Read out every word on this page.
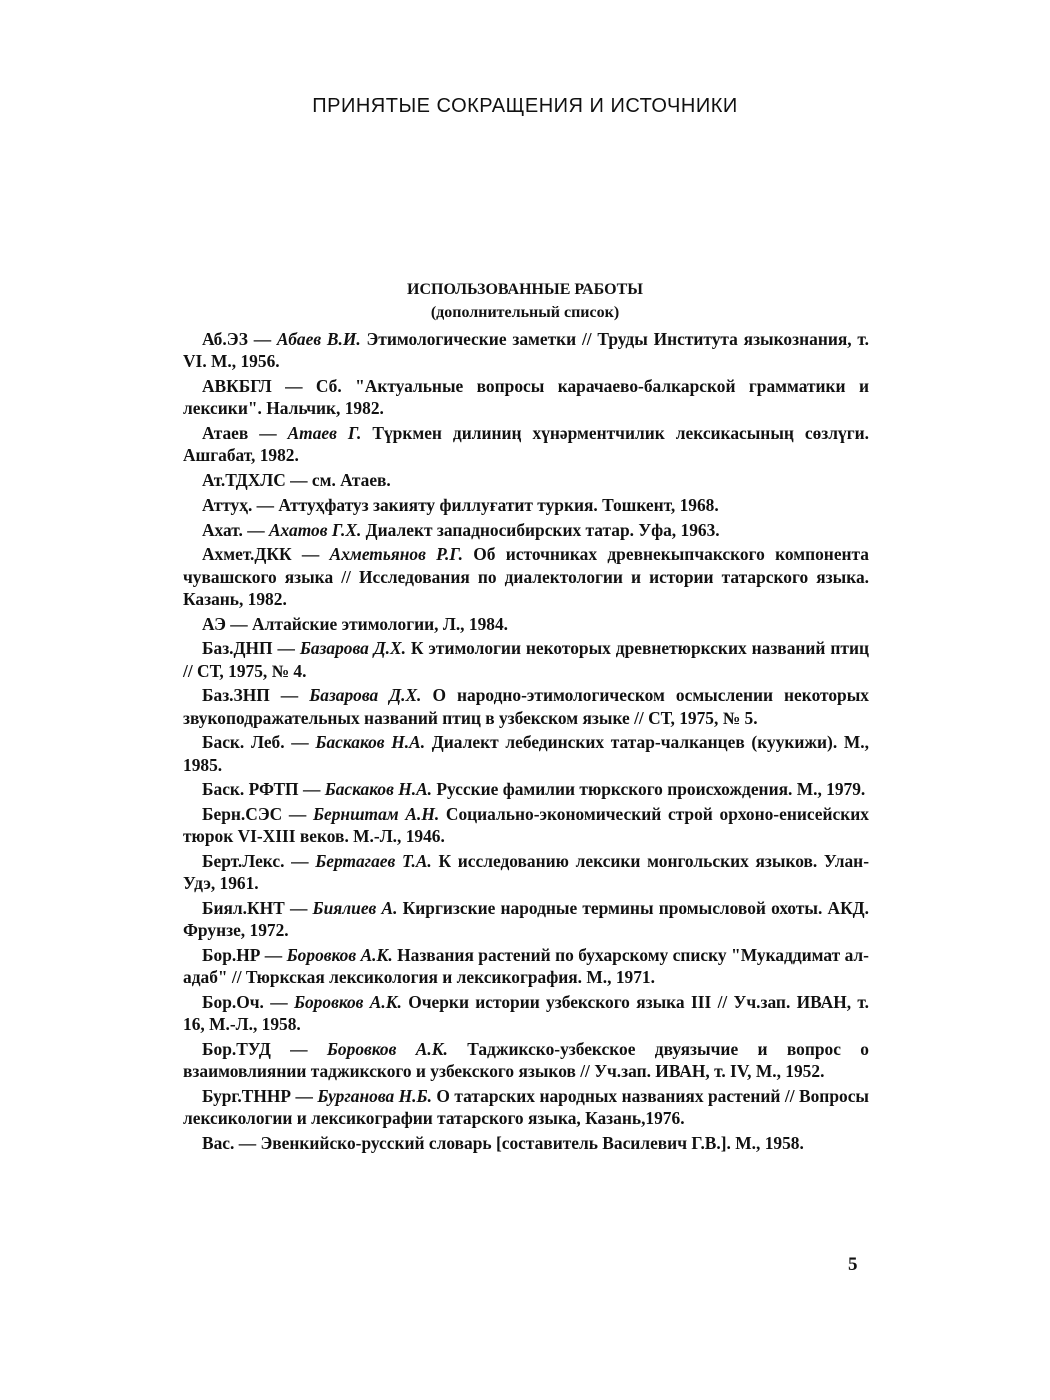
ПРИНЯТЫЕ СОКРАЩЕНИЯ И ИСТОЧНИКИ
ИСПОЛЬЗОВАННЫЕ РАБОТЫ
(дополнительный список)

Аб.ЭЗ — Абаев В.И. Этимологические заметки // Труды Института языкознания, т. VI. М., 1956.

АВКБГЛ — Сб. "Актуальные вопросы карачаево-балкарской грамматики и лексики". Нальчик, 1982.

Атаев — Атаев Г. Түркмен дилиниң хүнәрментчилик лексикасының сөзлүги. Ашгабат, 1982.

Ат.ТДХЛС — см. Атаев.

Аттуҳ. — Аттуҳфатуз закияту филлуғатит туркия. Тошкент, 1968.

Ахат. — Ахатов Г.Х. Диалект западносибирских татар. Уфа, 1963.

Ахмет.ДКК — Ахметьянов Р.Г. Об источниках древнекыпчакского компонента чувашского языка // Исследования по диалектологии и истории татарского языка. Казань, 1982.

АЭ — Алтайские этимологии, Л., 1984.

Баз.ДНП — Базарова Д.Х. К этимологии некоторых древнетюркских названий птиц // СТ, 1975, № 4.

Баз.ЗНП — Базарова Д.Х. О народно-этимологическом осмыслении некоторых звукоподражательных названий птиц в узбекском языке // СТ, 1975, № 5.

Баск. Леб. — Баскаков Н.А. Диалект лебединских татар-чалканцев (куукижи). М., 1985.

Баск. РФТП — Баскаков Н.А. Русские фамилии тюркского происхождения. М., 1979.

Берн.СЭС — Бернштам А.Н. Социально-экономический строй орхоно-енисейских тюрок VI-XIII веков. М.-Л., 1946.

Берт.Лекс. — Бертагаев Т.А. К исследованию лексики монгольских языков. Улан-Удэ, 1961.

Биял.КНТ — Биялиев А. Киргизские народные термины промысловой охоты. АКД. Фрунзе, 1972.

Бор.НР — Боровков А.К. Названия растений по бухарскому списку "Мукаддимат ал-адаб" // Тюркская лексикология и лексикография. М., 1971.

Бор.Оч. — Боровков А.К. Очерки истории узбекского языка III // Уч.зап. ИВАН, т. 16, М.-Л., 1958.

Бор.ТУД — Боровков А.К. Таджикско-узбекское двуязычие и вопрос о взаимовлиянии таджикского и узбекского языков // Уч.зап. ИВАН, т. IV, М., 1952.

Бург.ТННР — Бурганова Н.Б. О татарских народных названиях растений // Вопросы лексикологии и лексикографии татарского языка, Казань,1976.

Вас. — Эвенкийско-русский словарь [составитель Василевич Г.В.]. М., 1958.

5
